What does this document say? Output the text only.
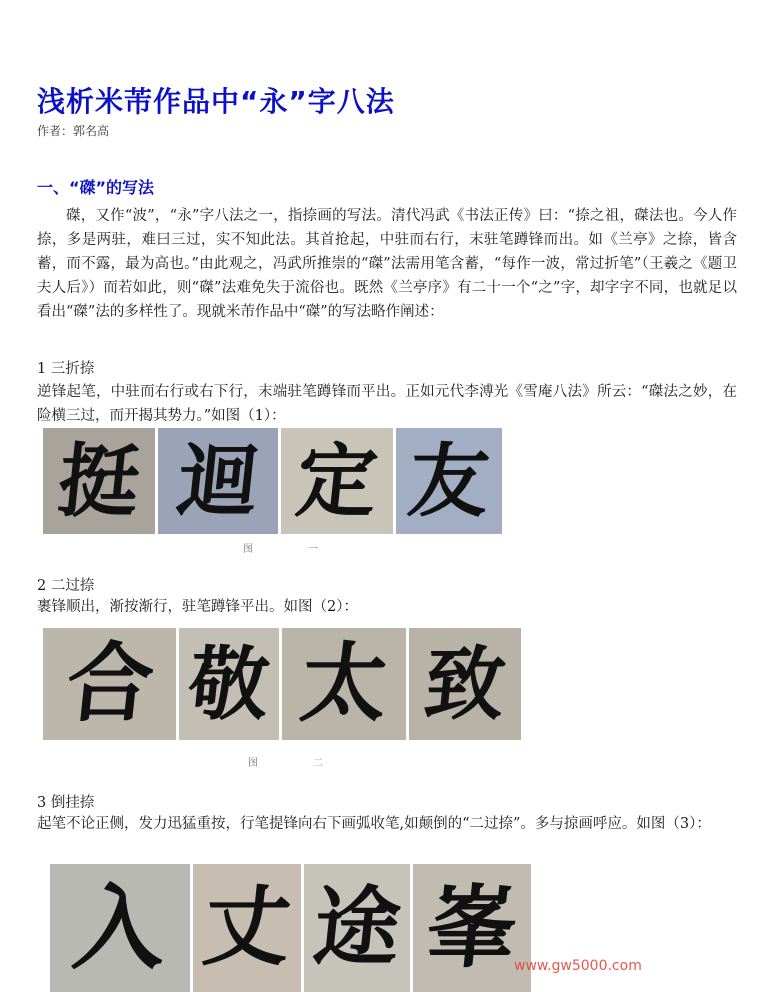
浅析米芾作品中“永”字八法
作者：郭名高
一、“磔”的写法

磔，又作“波”，“永”字八法之一，指捺画的写法。清代冯武《书法正传》曰：“捺之祖，磔法也。今人作捺，多是两驻，难曰三过，实不知此法。其首抢起，中驻而右行，末驻笔蹲锋而出。如《兰亭》之捺，皆含蓄，而不露，最为高也。”由此观之，冯武所推崇的“磔”法需用笔含蓄，“每作一波，常过折笔”（王羲之《题卫夫人后》）而若如此，则“磔”法难免失于流俗也。既然《兰亭序》有二十一个“之”字，却字字不同，也就足以看出“磔”法的多样性了。现就米芾作品中“磔”的写法略作阐述：

1 三折捺

逆锋起笔，中驻而右行或右下行，末端驻笔蹲锋而平出。正如元代李溥光《雪庵八法》所云：“磔法之妙，在险横三过，而开揭其势力。”如图（1）：

挺 迴 定 友
图 一
2 二过捺

裹锋顺出，渐按渐行，驻笔蹲锋平出。如图（2）：

合 敬 太 致
图 二
3 倒挂捺

起笔不论正侧，发力迅猛重按，行笔提锋向右下画弧收笔,如颠倒的“二过捺”。多与掠画呼应。如图（3）：

入 丈 途 峯
www.gw5000.com
